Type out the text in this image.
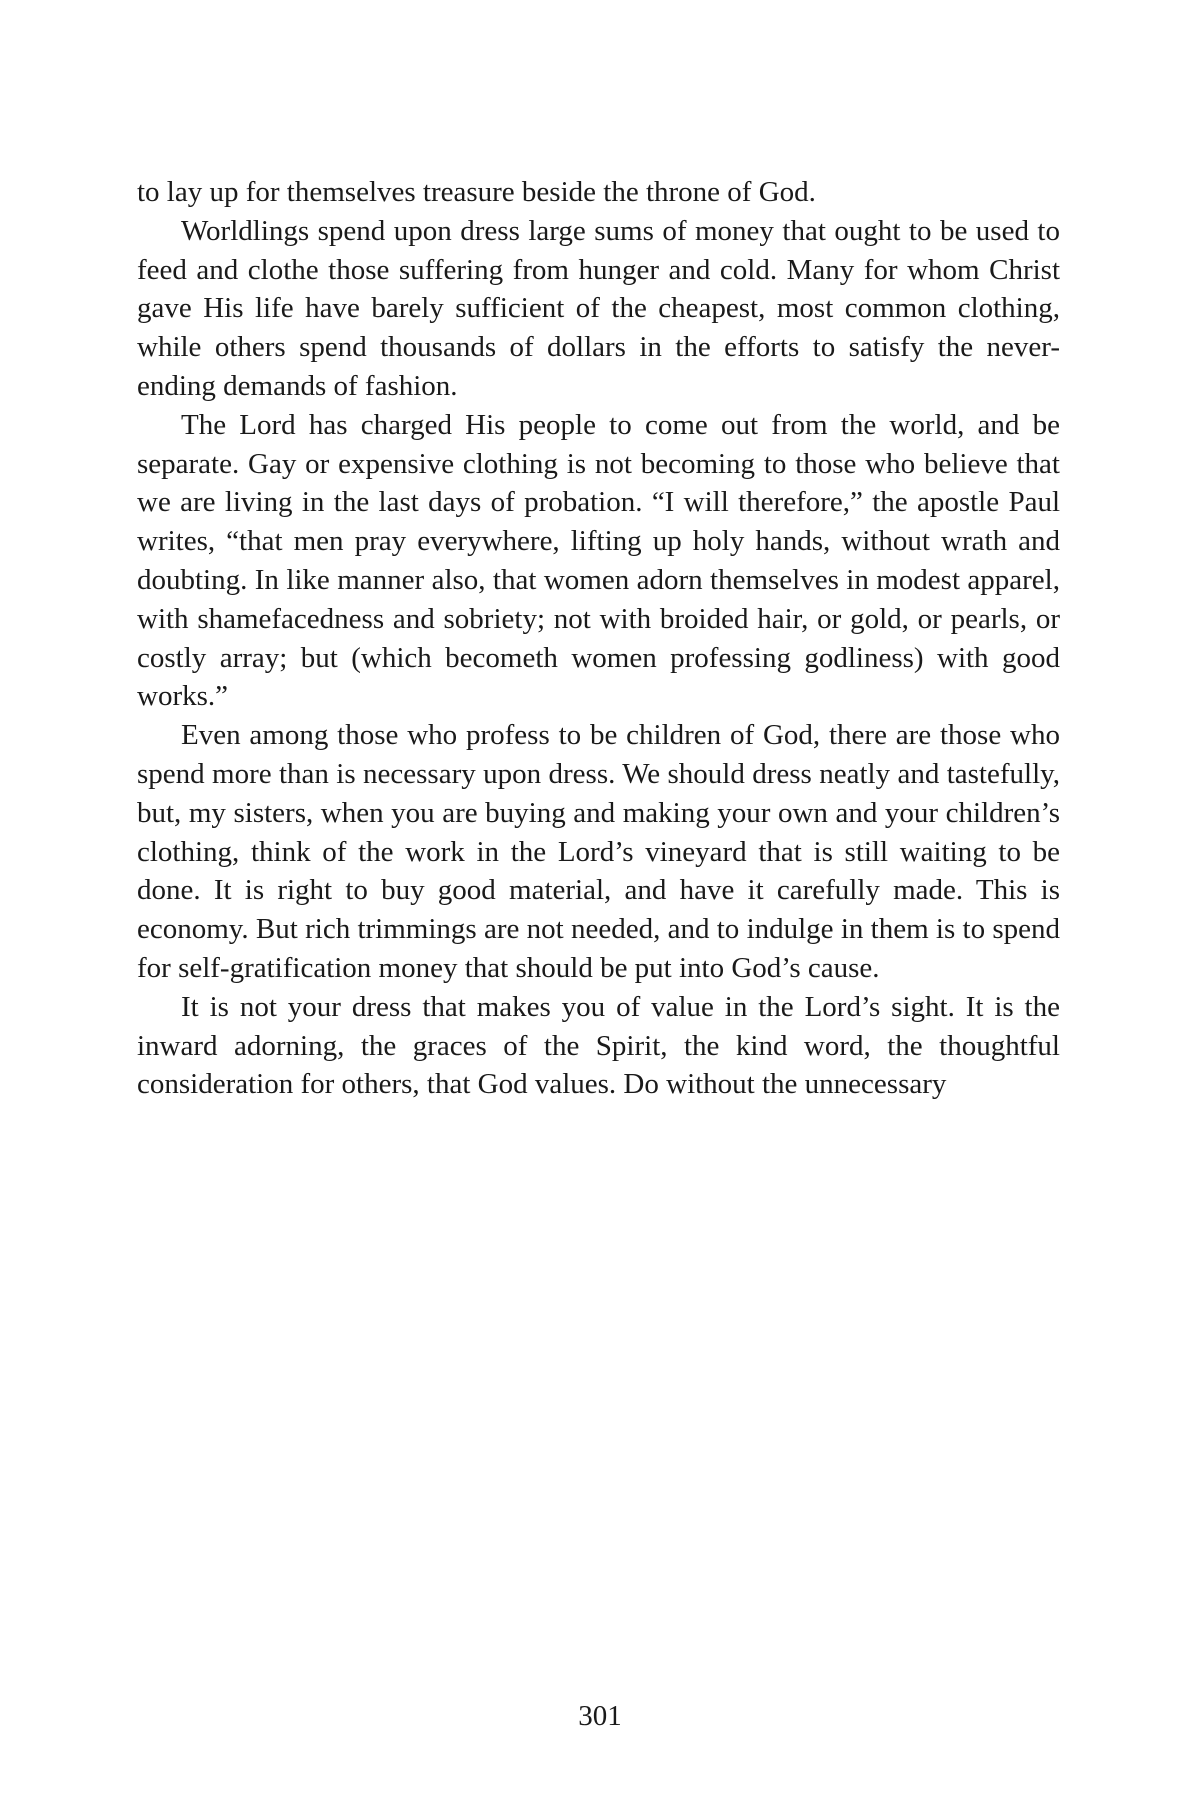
to lay up for themselves treasure beside the throne of God.

Worldlings spend upon dress large sums of money that ought to be used to feed and clothe those suffering from hunger and cold. Many for whom Christ gave His life have barely sufficient of the cheapest, most common clothing, while others spend thousands of dollars in the efforts to satisfy the never-ending demands of fashion.

The Lord has charged His people to come out from the world, and be separate. Gay or expensive clothing is not becoming to those who believe that we are living in the last days of probation. “I will therefore,” the apostle Paul writes, “that men pray everywhere, lifting up holy hands, without wrath and doubting. In like manner also, that women adorn themselves in modest apparel, with shamefacedness and sobriety; not with broided hair, or gold, or pearls, or costly array; but (which becometh women professing godliness) with good works.”

Even among those who profess to be children of God, there are those who spend more than is necessary upon dress. We should dress neatly and tastefully, but, my sisters, when you are buying and making your own and your children’s clothing, think of the work in the Lord’s vineyard that is still waiting to be done. It is right to buy good material, and have it carefully made. This is economy. But rich trimmings are not needed, and to indulge in them is to spend for self-gratification money that should be put into God’s cause.

It is not your dress that makes you of value in the Lord’s sight. It is the inward adorning, the graces of the Spirit, the kind word, the thoughtful consideration for others, that God values. Do without the unnecessary

301
